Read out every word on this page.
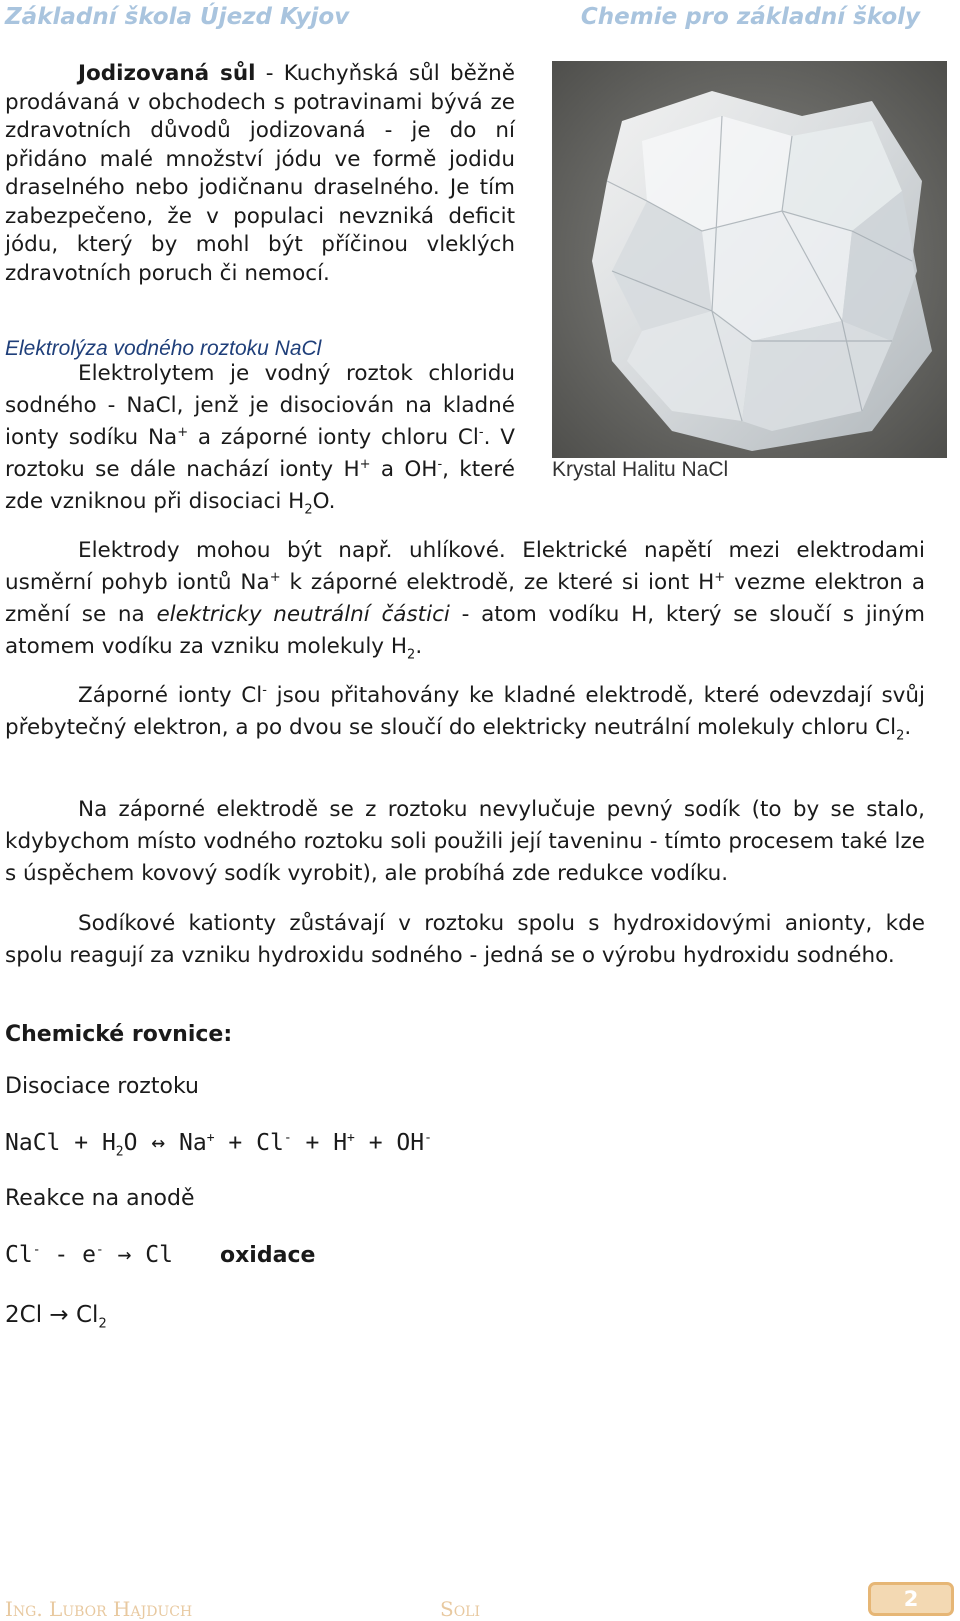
Základní škola Újezd Kyjov	Chemie pro základní školy
Jodizovaná sůl - Kuchyňská sůl běžně prodávaná v obchodech s potravinami bývá ze zdravotních důvodů jodizovaná - je do ní přidáno malé množství jódu ve formě jodidu draselného nebo jodičnanu draselného. Je tím zabezpečeno, že v populaci nevzniká deficit jódu, který by mohl být příčinou vleklých zdravotních poruch či nemocí.
Elektrolýza vodného roztoku NaCl
Elektrolytem je vodný roztok chloridu sodného - NaCl, jenž je disociován na kladné ionty sodíku Na+ a záporné ionty chloru Cl-. V roztoku se dále nachází ionty H+ a OH-, které zde vzniknou při disociaci $H_2O$.
Krystal Halitu NaCl
Elektrody mohou být např. uhlíkové. Elektrické napětí mezi elektrodami usměrní pohyb iontů Na+ k záporné elektrodě, ze které si iont H+ vezme elektron a změní se na elektricky neutrální částici - atom vodíku H, který se sloučí s jiným atomem vodíku za vzniku molekuly $H_2$.
Záporné ionty Cl- jsou přitahovány ke kladné elektrodě, které odevzdají svůj přebytečný elektron, a po dvou se sloučí do elektricky neutrální molekuly chloru $Cl_2$.
Na záporné elektrodě se z roztoku nevylučuje pevný sodík (to by se stalo, kdybychom místo vodného roztoku soli použili její taveninu - tímto procesem také lze s úspěchem kovový sodík vyrobit), ale probíhá zde redukce vodíku.
Sodíkové kationty zůstávají v roztoku spolu s hydroxidovými anionty, kde spolu reagují za vzniku hydroxidu sodného - jedná se o výrobu hydroxidu sodného.
Chemické rovnice:
Disociace roztoku
NaCl + $H_2O$ ↔ Na+ + Cl- + H+ + OH-
Reakce na anodě
Cl- - e- → Cl oxidace
$2Cl \to Cl_2$
Ing. Lubor Hajduch	Soli	2
